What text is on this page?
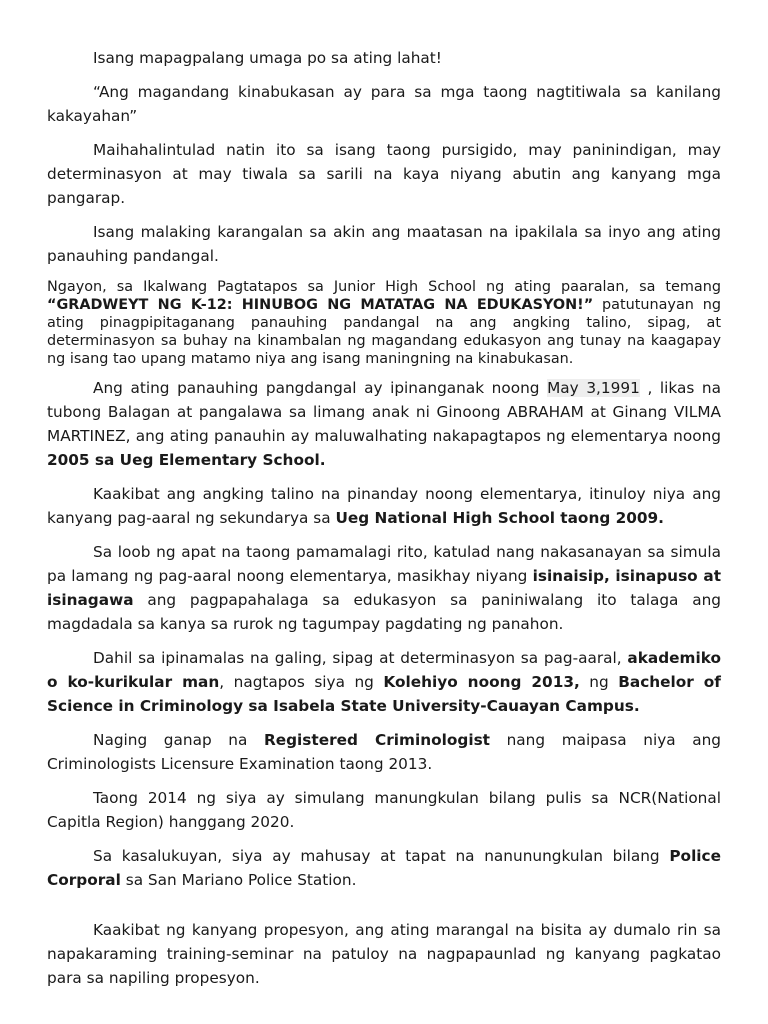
Isang mapagpalang umaga po sa ating lahat!

“Ang magandang kinabukasan ay para sa mga taong nagtitiwala sa kanilang kakayahan”

Maihahalintulad natin ito sa isang taong pursigido, may paninindigan, may determinasyon at may tiwala sa sarili na kaya niyang abutin ang kanyang mga pangarap.

Isang malaking karangalan sa akin ang maatasan na ipakilala sa inyo ang ating panauhing pandangal.

Ngayon, sa Ikalwang Pagtatapos sa Junior High School ng ating paaralan, sa temang “GRADWEYT NG K-12: HINUBOG NG MATATAG NA EDUKASYON!” patutunayan ng ating pinagpipitaganang panauhing pandangal na ang angking talino, sipag, at determinasyon sa buhay na kinambalan ng magandang edukasyon ang tunay na kaagapay ng isang tao upang matamo niya ang isang maningning na kinabukasan.

Ang ating panauhing pangdangal ay ipinanganak noong May 3,1991 , likas na tubong Balagan at pangalawa sa limang anak ni Ginoong ABRAHAM at Ginang VILMA MARTINEZ, ang ating panauhin ay maluwalhating nakapagtapos ng elementarya noong 2005 sa Ueg Elementary School.

Kaakibat ang angking talino na pinanday noong elementarya, itinuloy niya ang kanyang pag-aaral ng sekundarya sa Ueg National High School taong 2009.

Sa loob ng apat na taong pamamalagi rito, katulad nang nakasanayan sa simula pa lamang ng pag-aaral noong elementarya, masikhay niyang isinaisip, isinapuso at isinagawa ang pagpapahalaga sa edukasyon sa paniniwalang ito talaga ang magdadala sa kanya sa rurok ng tagumpay pagdating ng panahon.

Dahil sa ipinamalas na galing, sipag at determinasyon sa pag-aaral, akademiko o ko-kurikular man, nagtapos siya ng Kolehiyo noong 2013, ng Bachelor of Science in Criminology sa Isabela State University-Cauayan Campus.

Naging ganap na Registered Criminologist nang maipasa niya ang Criminologists Licensure Examination taong 2013.

Taong 2014 ng siya ay simulang manungkulan bilang pulis sa NCR(National Capitla Region) hanggang 2020.

Sa kasalukuyan, siya ay mahusay at tapat na nanunungkulan bilang Police Corporal sa San Mariano Police Station.

Kaakibat ng kanyang propesyon, ang ating marangal na bisita ay dumalo rin sa napakaraming training-seminar na patuloy na nagpapaunlad ng kanyang pagkatao para sa napiling propesyon.
